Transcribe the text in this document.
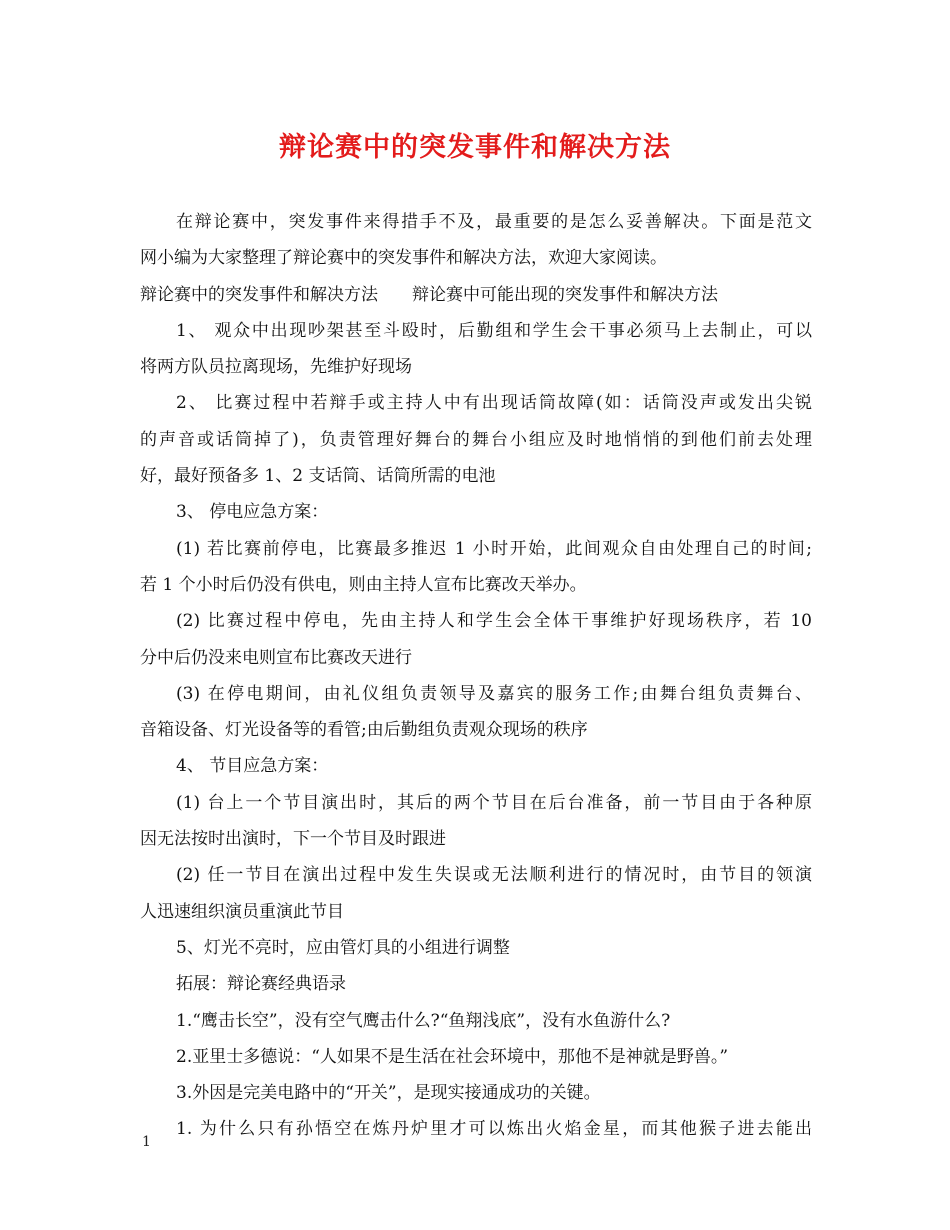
辩论赛中的突发事件和解决方法
在辩论赛中，突发事件来得措手不及，最重要的是怎么妥善解决。下面是范文
网小编为大家整理了辩论赛中的突发事件和解决方法，欢迎大家阅读。
辩论赛中的突发事件和解决方法　　辩论赛中可能出现的突发事件和解决方法
1、 观众中出现吵架甚至斗殴时，后勤组和学生会干事必须马上去制止，可以
将两方队员拉离现场，先维护好现场
2、 比赛过程中若辩手或主持人中有出现话筒故障(如：话筒没声或发出尖锐
的声音或话筒掉了)，负责管理好舞台的舞台小组应及时地悄悄的到他们前去处理
好，最好预备多 1、2 支话筒、话筒所需的电池
3、 停电应急方案：
(1) 若比赛前停电，比赛最多推迟 1 小时开始，此间观众自由处理自己的时间;
若 1 个小时后仍没有供电，则由主持人宣布比赛改天举办。
(2) 比赛过程中停电，先由主持人和学生会全体干事维护好现场秩序，若 10
分中后仍没来电则宣布比赛改天进行
(3) 在停电期间，由礼仪组负责领导及嘉宾的服务工作;由舞台组负责舞台、
音箱设备、灯光设备等的看管;由后勤组负责观众现场的秩序
4、 节目应急方案：
(1) 台上一个节目演出时，其后的两个节目在后台准备，前一节目由于各种原
因无法按时出演时，下一个节目及时跟进
(2) 任一节目在演出过程中发生失误或无法顺利进行的情况时，由节目的领演
人迅速组织演员重演此节目
5、灯光不亮时，应由管灯具的小组进行调整
拓展：辩论赛经典语录
1.“鹰击长空”，没有空气鹰击什么?“鱼翔浅底”，没有水鱼游什么?
2.亚里士多德说：“人如果不是生活在社会环境中，那他不是神就是野兽。”
3.外因是完美电路中的“开关”，是现实接通成功的关键。
1. 为什么只有孙悟空在炼丹炉里才可以炼出火焰金星，而其他猴子进去能出
1
